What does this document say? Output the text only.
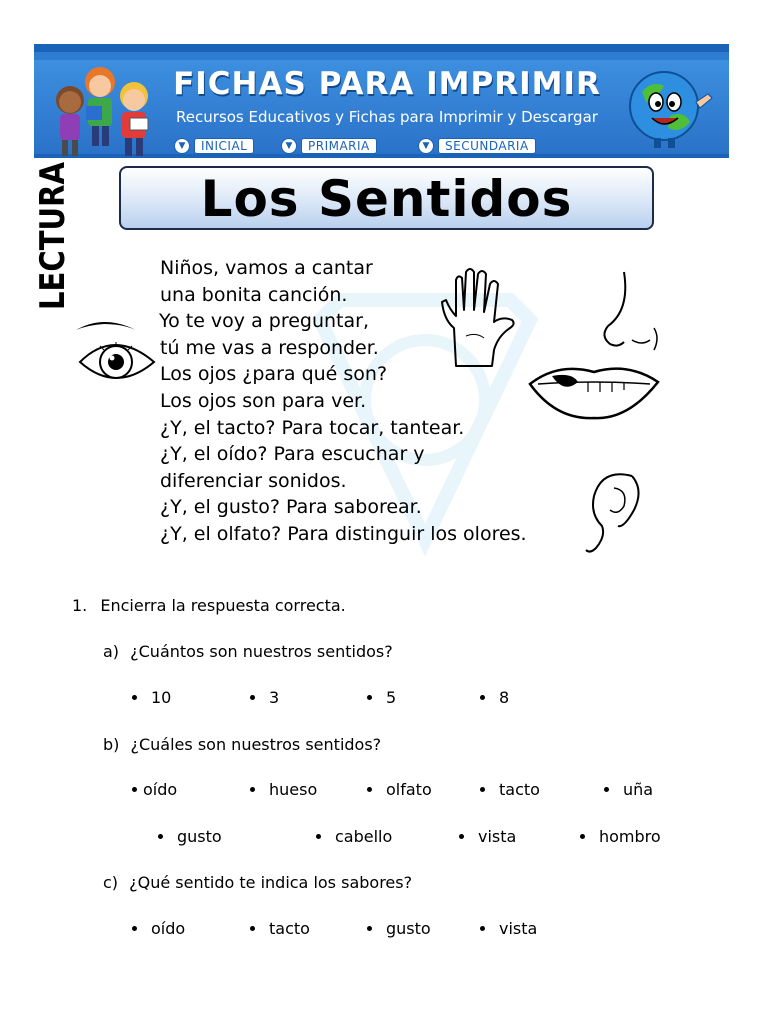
FICHAS PARA IMPRIMIR
Recursos Educativos y Fichas para Imprimir y Descargar
▼	INICIAL	▼	PRIMARIA	▼	SECUNDARIA
LECTURA	Los Sentidos
Niños, vamos a cantar
una bonita canción.
Yo te voy a preguntar,
tú me vas a responder.
Los ojos ¿para qué son?
Los ojos son para ver.
¿Y, el tacto? Para tocar, tantear.
¿Y, el oído? Para escuchar y
diferenciar sonidos.
¿Y, el gusto? Para saborear.
¿Y, el olfato? Para distinguir los olores.
1. Encierra la respuesta correcta.
a) ¿Cuántos son nuestros sentidos?
10	3	5	8
b) ¿Cuáles son nuestros sentidos?
oído	hueso	olfato	tacto	uña
gusto	cabello	vista	hombro
c) ¿Qué sentido te indica los sabores?
oído	tacto	gusto	vista
